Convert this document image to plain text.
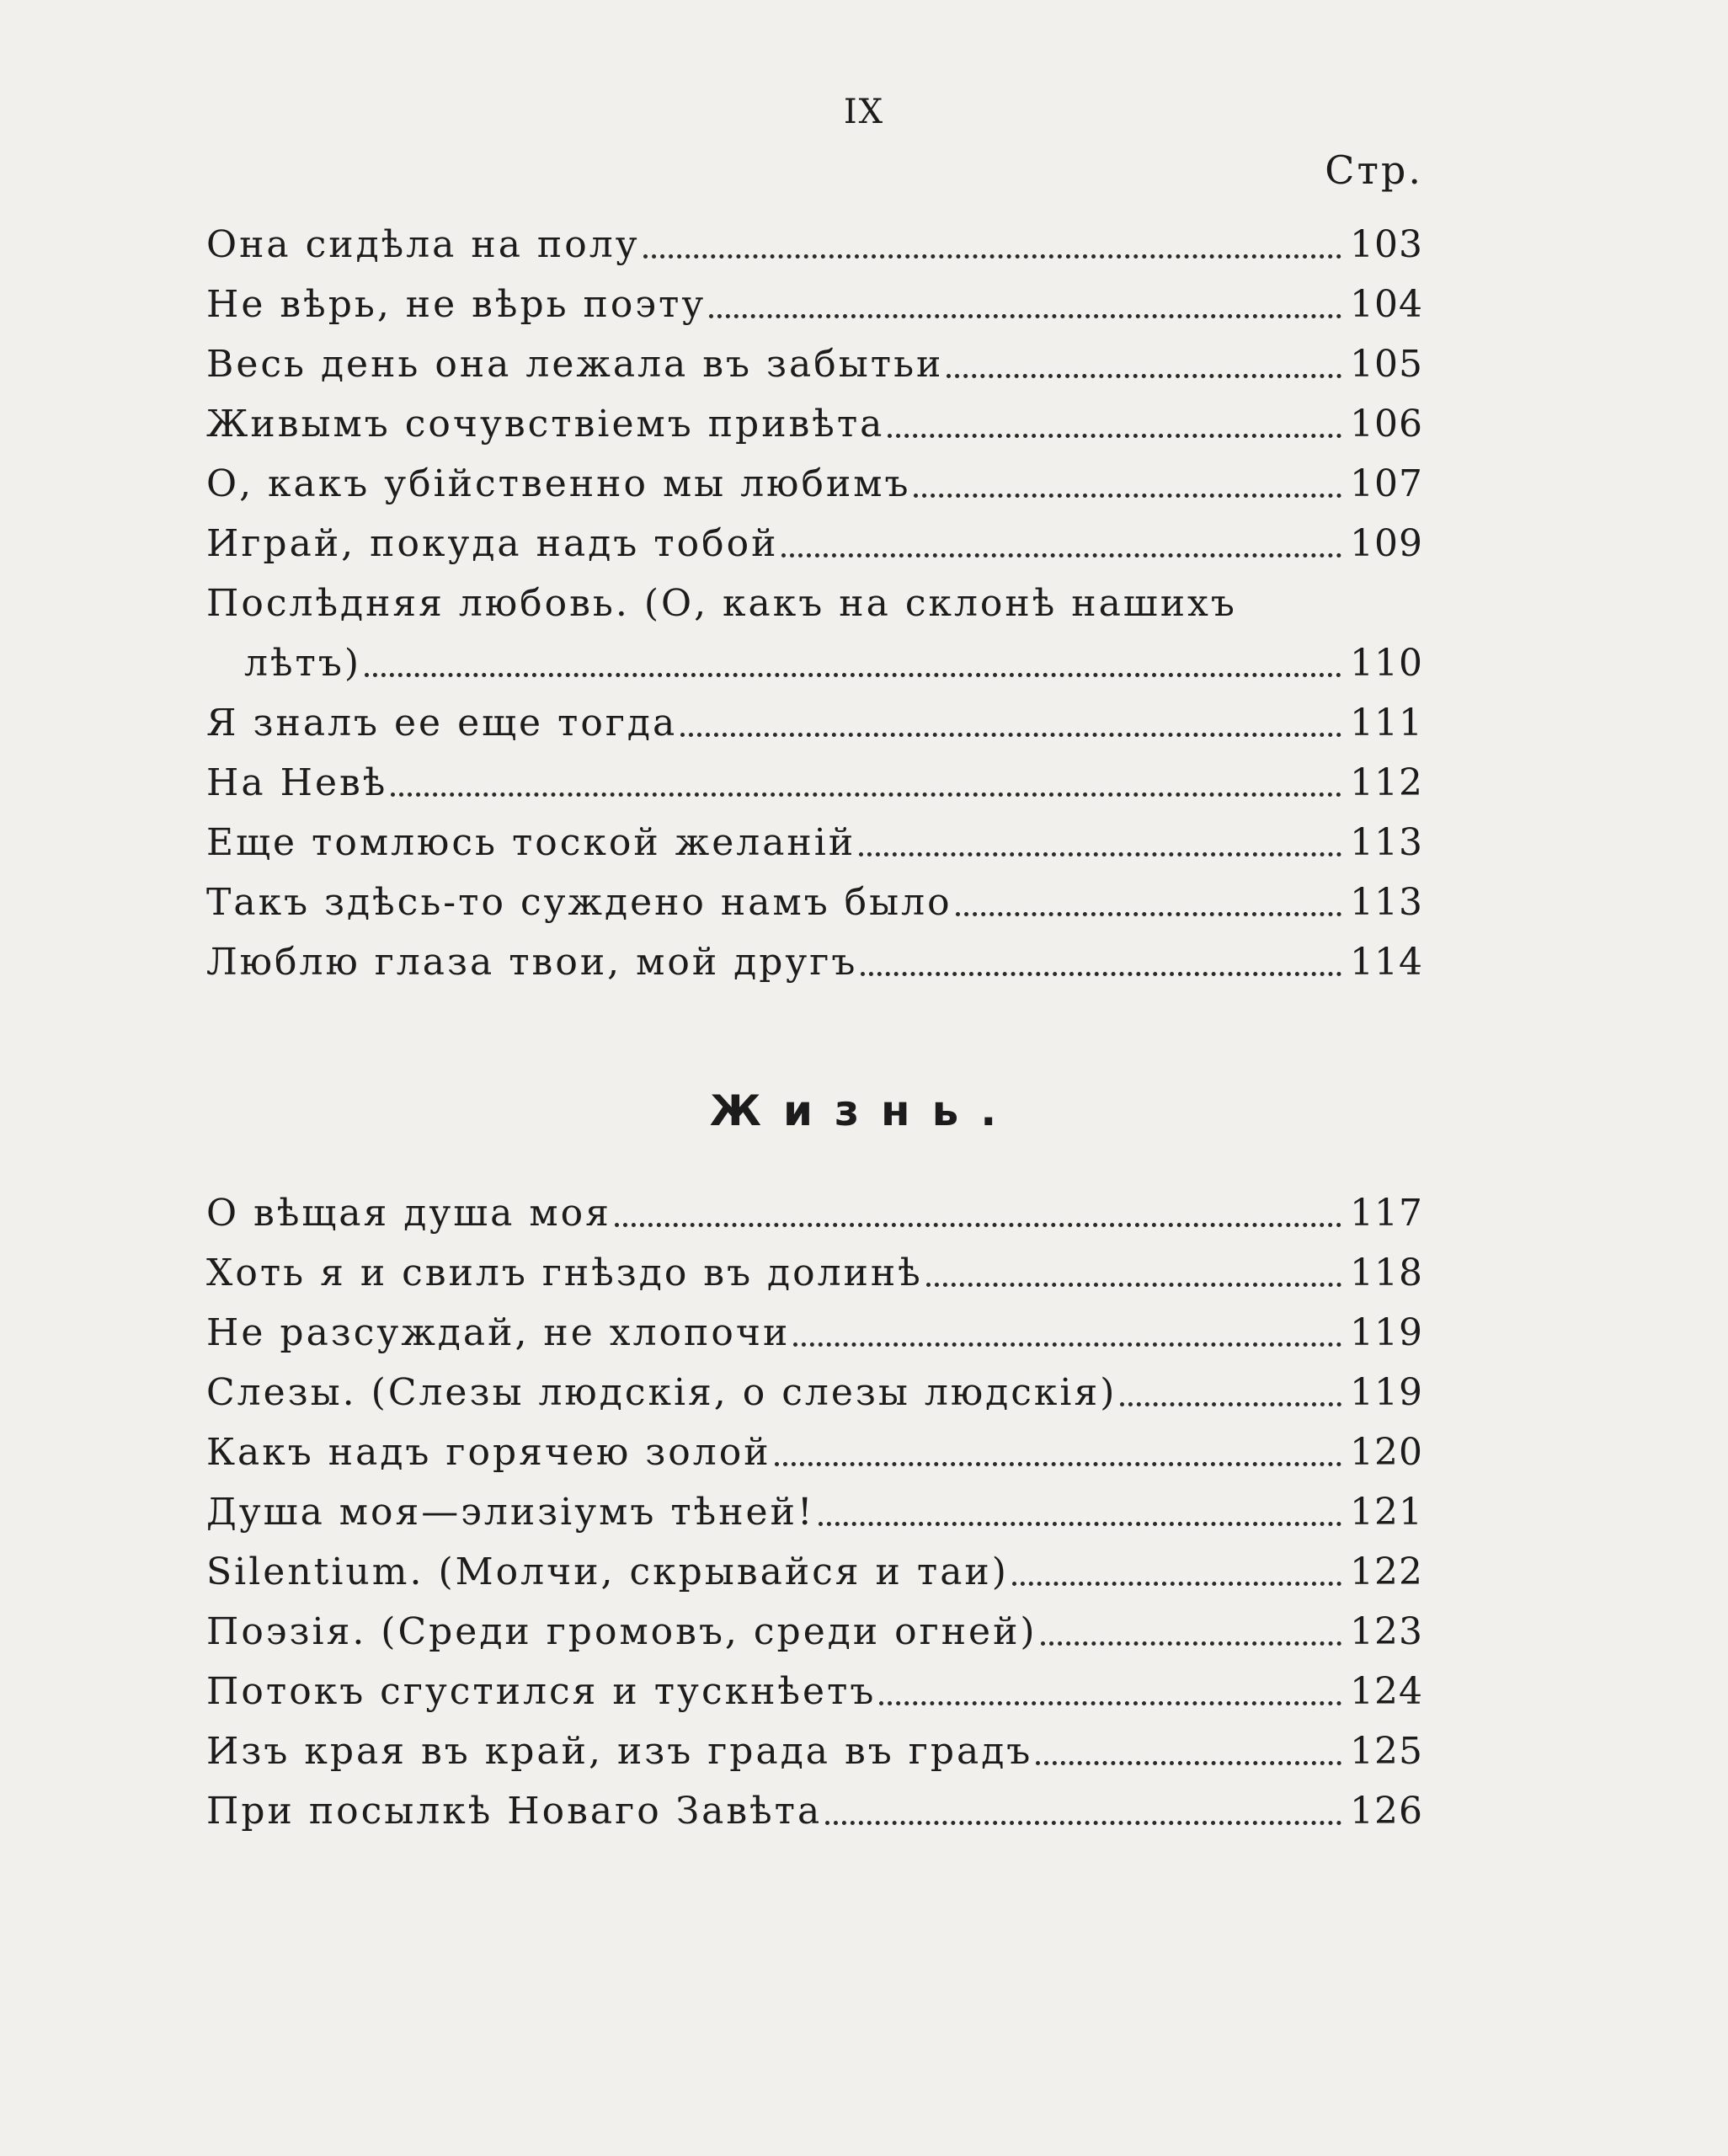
IX
Стр.
Она сидѣла на полу	103
Не вѣрь, не вѣрь поэту	104
Весь день она лежала въ забытьи	105
Живымъ сочувствіемъ привѣта	106
О, какъ убійственно мы любимъ	107
Играй, покуда надъ тобой	109
Послѣдняя любовь. (О, какъ на склонѣ нашихъ
лѣтъ)	110
Я зналъ ее еще тогда	111
На Невѣ	112
Еще томлюсь тоской желаній	113
Такъ здѣсь-то суждено намъ было	113
Люблю глаза твои, мой другъ	114
Жизнь.
О вѣщая душа моя	117
Хоть я и свилъ гнѣздо въ долинѣ	118
Не разсуждай, не хлопочи	119
Слезы. (Слезы людскія, о слезы людскія)	119
Какъ надъ горячею золой	120
Душа моя—элизіумъ тѣней!	121
Silentium. (Молчи, скрывайся и таи)	122
Поэзія. (Среди громовъ, среди огней)	123
Потокъ сгустился и тускнѣетъ	124
Изъ края въ край, изъ града въ градъ	125
При посылкѣ Новаго Завѣта	126
